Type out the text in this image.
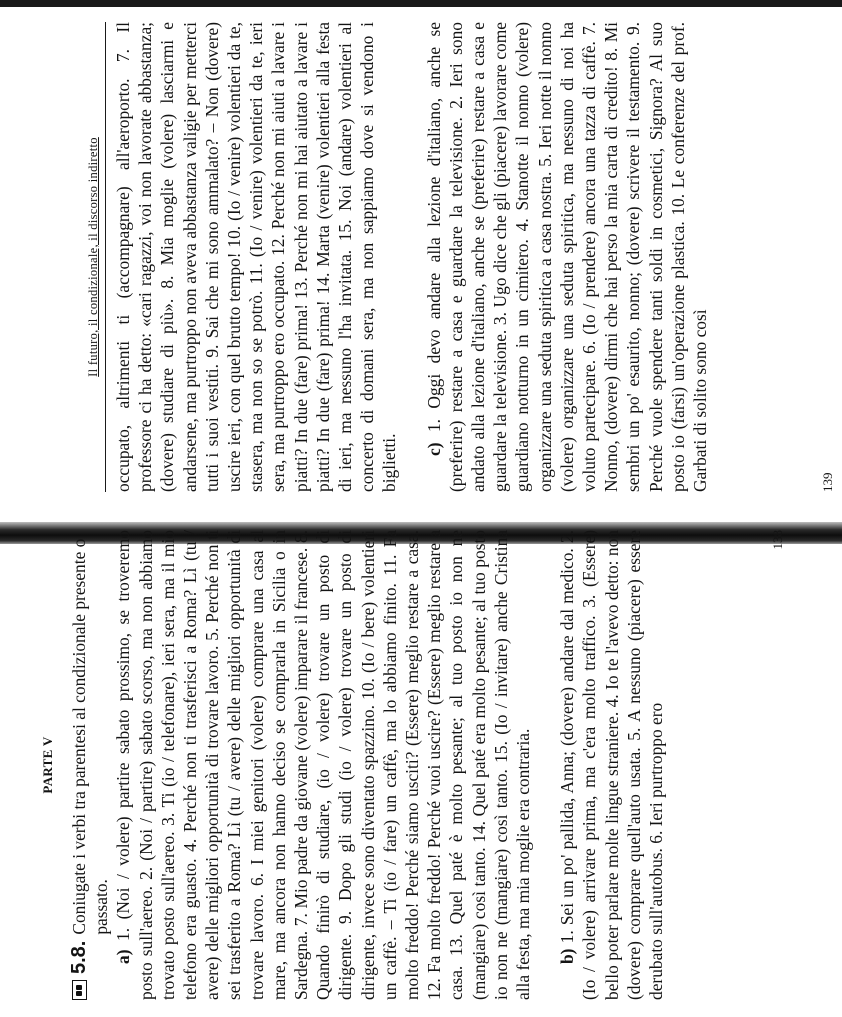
PARTE V
5.8.
Coniugate i verbi tra parentesi al condizionale presente o passato.

a) 1. (Noi / volere) partire sabato prossimo, se troveremo posto sull'aereo. 2. (Noi / partire) sabato scorso, ma non abbiamo trovato posto sull'aereo. 3. Ti (io / telefonare), ieri sera, ma il mio telefono era guasto. 4. Perché non ti trasferisci a Roma? Lì (tu / avere) delle migliori opportunità di trovare lavoro. 5. Perché non ti sei trasferito a Roma? Lì (tu / avere) delle migliori opportunità di trovare lavoro. 6. I miei genitori (volere) comprare una casa al mare, ma ancora non hanno deciso se comprarla in Sicilia o in Sardegna. 7. Mio padre da giovane (volere) imparare il francese. 8. Quando finirò di studiare, (io / volere) trovare un posto di dirigente. 9. Dopo gli studi (io / volere) trovare un posto di dirigente, invece sono diventato spazzino. 10. (Io / bere) volentieri un caffè. – Ti (io / fare) un caffè, ma lo abbiamo finito. 11. Fa molto freddo! Perché siamo usciti? (Essere) meglio restare a casa. 12. Fa molto freddo! Perché vuoi uscire? (Essere) meglio restare a casa. 13. Quel paté è molto pesante; al tuo posto io non ne (mangiare) così tanto. 14. Quel paté era molto pesante; al tuo posto io non ne (mangiare) così tanto. 15. (Io / invitare) anche Cristina alla festa, ma mia moglie era contraria. b) 1. Sei un po' pallida, Anna; (dovere) andare dal medico. 2. (Io / volere) arrivare prima, ma c'era molto traffico. 3. (Essere) bello poter parlare molte lingue straniere. 4. Io te l'avevo detto: non (dovere) comprare quell'auto usata. 5. A nessuno (piacere) essere derubato sull'autobus. 6. Ieri purtroppo ero

138
Il futuro, il condizionale, il discorso indiretto occupato, altrimenti ti (accompagnare) all'aeroporto. 7. Il professore ci ha detto: «cari ragazzi, voi non lavorate abbastanza; (dovere) studiare di più». 8. Mia moglie (volere) lasciarmi e andarsene, ma purtroppo non aveva abbastanza valigie per metterci tutti i suoi vestiti. 9. Sai che mi sono ammalato? – Non (dovere) uscire ieri, con quel brutto tempo! 10. (Io / venire) volentieri da te, stasera, ma non so se potrò. 11. (Io / venire) volentieri da te, ieri sera, ma purtroppo ero occupato. 12. Perché non mi aiuti a lavare i piatti? In due (fare) prima! 13. Perché non mi hai aiutato a lavare i piatti? In due (fare) prima! 14. Marta (venire) volentieri alla festa di ieri, ma nessuno l'ha invitata. 15. Noi (andare) volentieri al concerto di domani sera, ma non sappiamo dove si vendono i biglietti. c) 1. Oggi devo andare alla lezione d'italiano, anche se (preferire) restare a casa e guardare la televisione. 2. Ieri sono andato alla lezione d'italiano, anche se (preferire) restare a casa e guardare la televisione. 3. Ugo dice che gli (piacere) lavorare come guardiano notturno in un cimitero. 4. Stanotte il nonno (volere) organizzare una seduta spiritica a casa nostra. 5. Ieri notte il nonno (volere) organizzare una seduta spiritica, ma nessuno di noi ha voluto partecipare. 6. (Io / prendere) ancora una tazza di caffè. 7. Nonno, (dovere) dirmi che hai perso la mia carta di credito! 8. Mi sembri un po' esaurito, nonno; (dovere) scrivere il testamento. 9. Perché vuole spendere tanti soldi in cosmetici, Signora? Al suo posto io (farsi) un'operazione plastica. 10. Le conferenze del prof. Garbati di solito sono così	139
